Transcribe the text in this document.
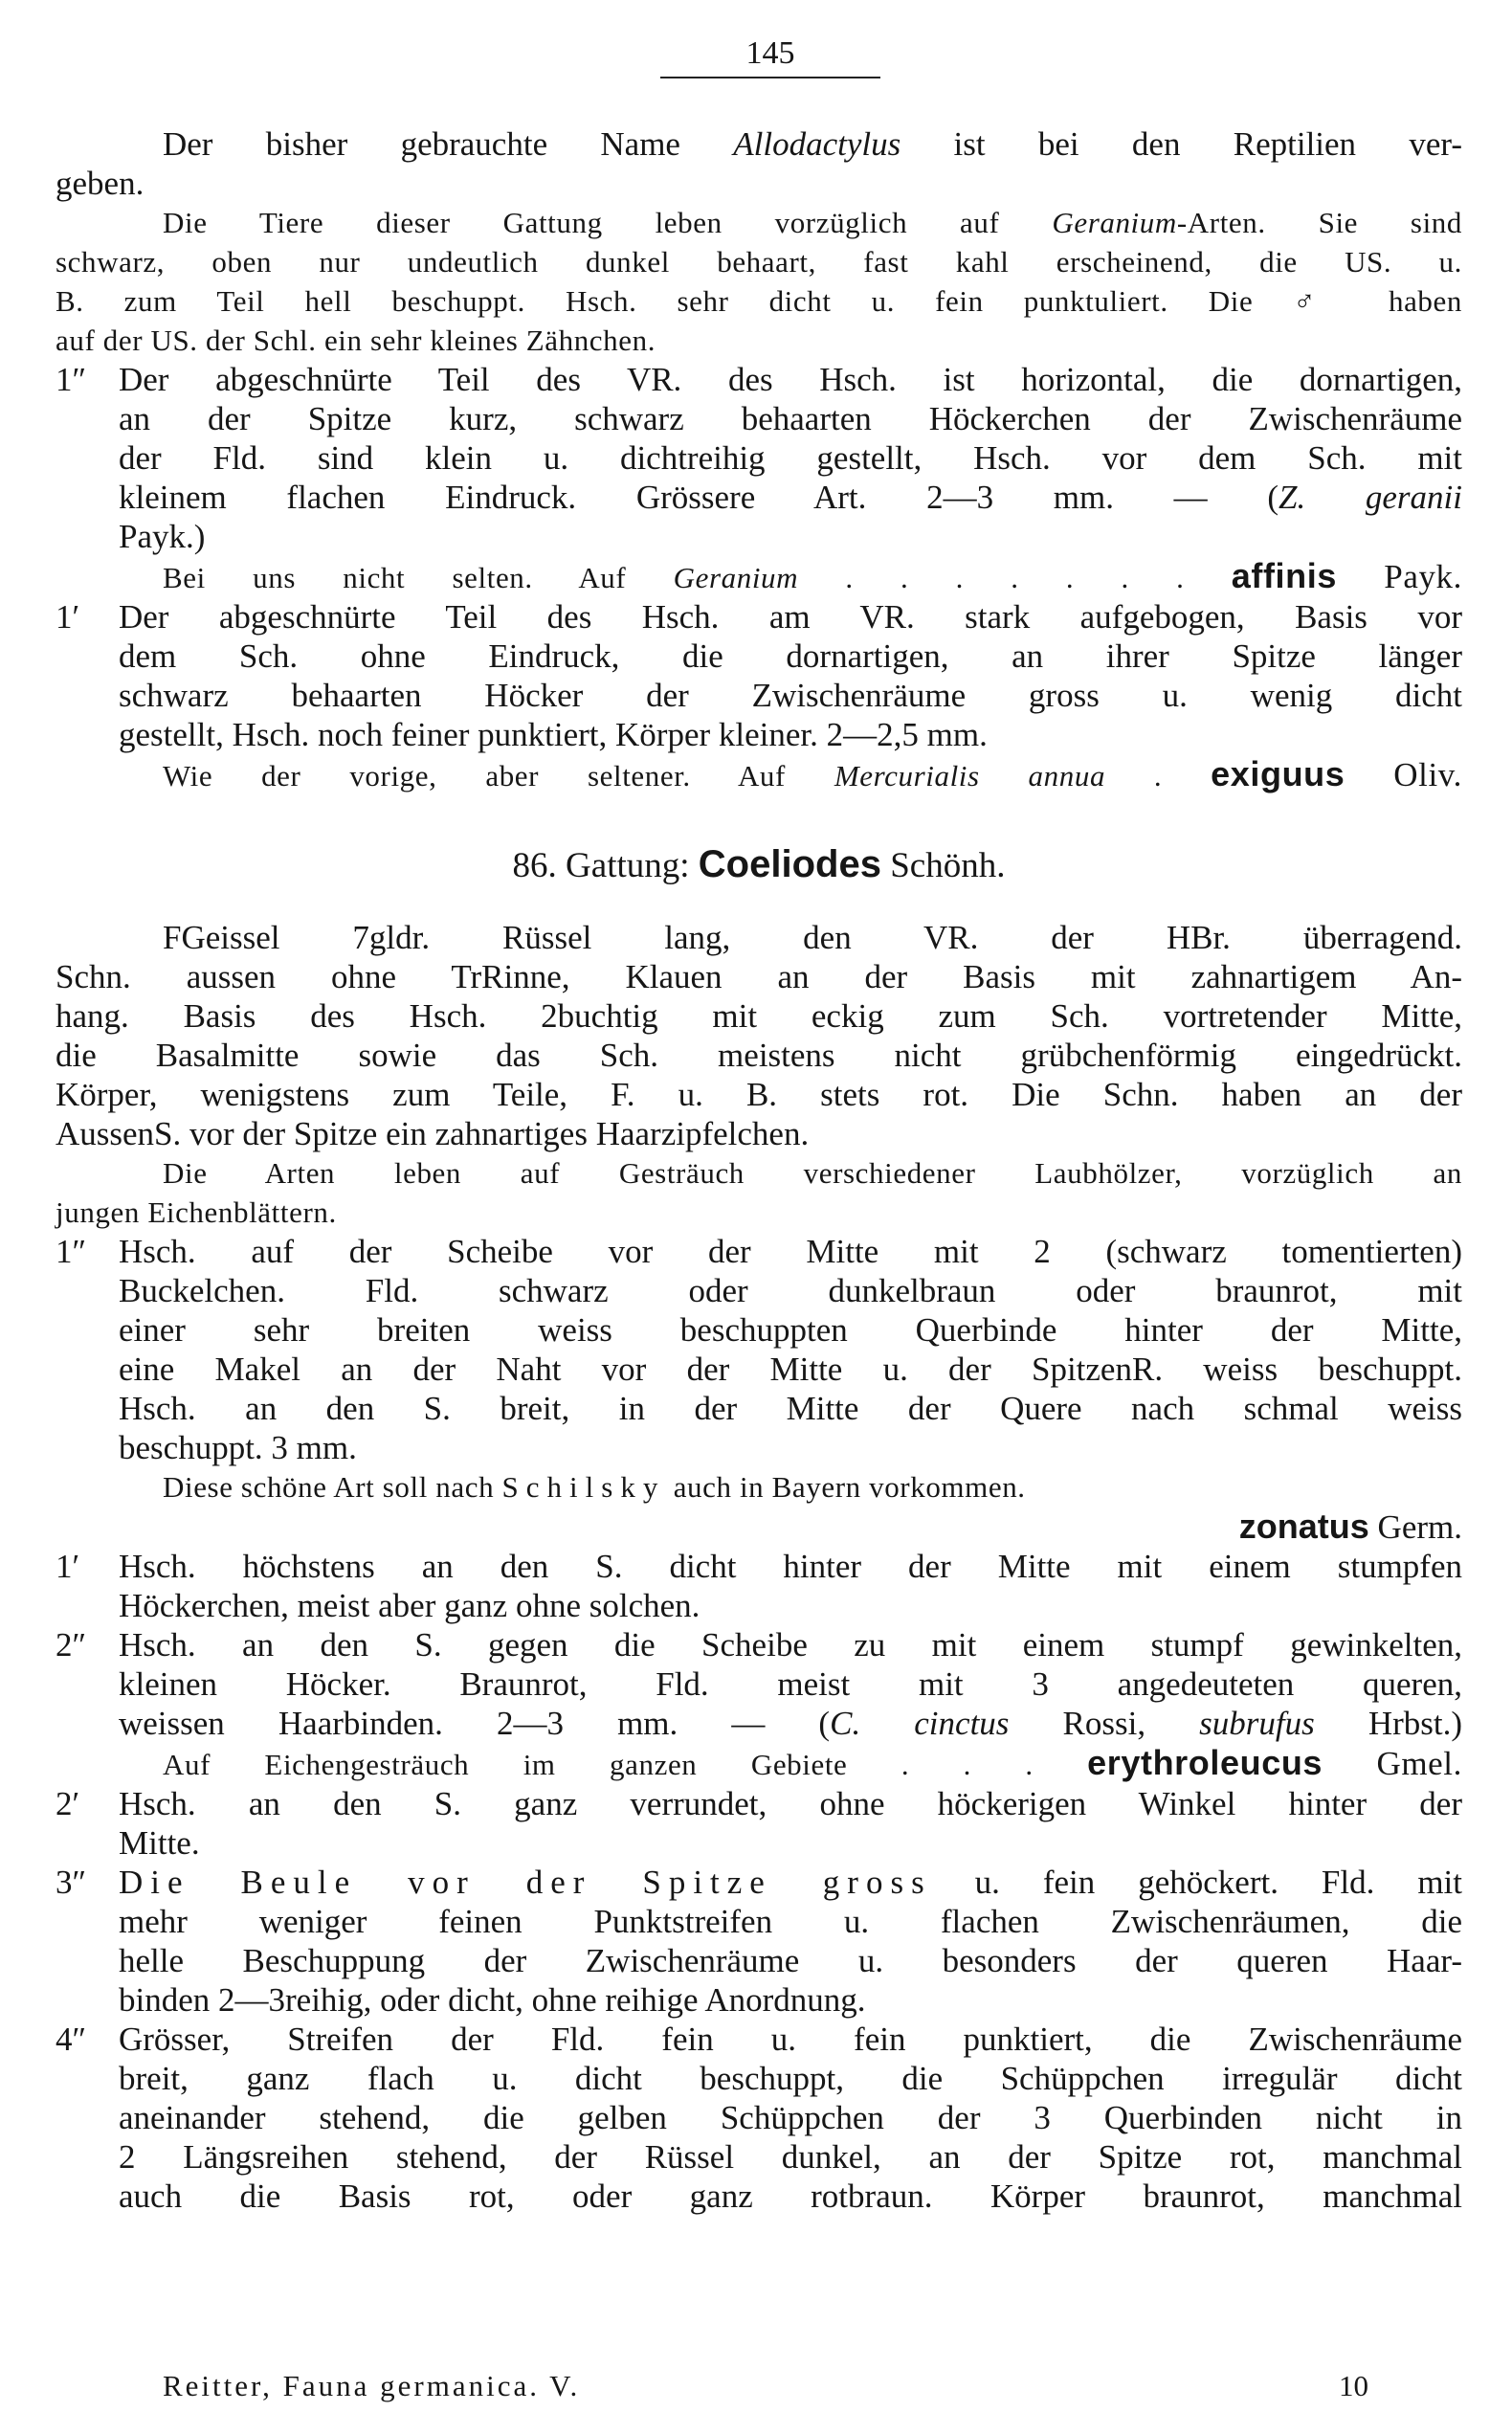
145

Der bisher gebrauchte Name Allodactylus ist bei den Reptilien ver-

geben.

Die Tiere dieser Gattung leben vorzüglich auf Geranium-Arten. Sie sind

schwarz, oben nur undeutlich dunkel behaart, fast kahl erscheinend, die US. u.

B. zum Teil hell beschuppt. Hsch. sehr dicht u. fein punktuliert. Die ♂ haben

auf der US. der Schl. ein sehr kleines Zähnchen.

1″ Der abgeschnürte Teil des VR. des Hsch. ist horizontal, die dornartigen,

an der Spitze kurz, schwarz behaarten Höckerchen der Zwischenräume

der Fld. sind klein u. dichtreihig gestellt, Hsch. vor dem Sch. mit

kleinem flachen Eindruck. Grössere Art. 2—3 mm. — (Z. geranii

Payk.)

Bei uns nicht selten. Auf Geranium . . . . . . . affinis Payk.

1′ Der abgeschnürte Teil des Hsch. am VR. stark aufgebogen, Basis vor

dem Sch. ohne Eindruck, die dornartigen, an ihrer Spitze länger

schwarz behaarten Höcker der Zwischenräume gross u. wenig dicht

gestellt, Hsch. noch feiner punktiert, Körper kleiner. 2—2,5 mm.

Wie der vorige, aber seltener. Auf Mercurialis annua . exiguus Oliv.

86. Gattung: Coeliodes Schönh.

FGeissel 7gldr. Rüssel lang, den VR. der HBr. überragend.

Schn. aussen ohne TrRinne, Klauen an der Basis mit zahnartigem An-

hang. Basis des Hsch. 2buchtig mit eckig zum Sch. vortretender Mitte,

die Basalmitte sowie das Sch. meistens nicht grübchenförmig eingedrückt.

Körper, wenigstens zum Teile, F. u. B. stets rot. Die Schn. haben an der

AussenS. vor der Spitze ein zahnartiges Haarzipfelchen.

Die Arten leben auf Gesträuch verschiedener Laubhölzer, vorzüglich an

jungen Eichenblättern.

1″ Hsch. auf der Scheibe vor der Mitte mit 2 (schwarz tomentierten)

Buckelchen. Fld. schwarz oder dunkelbraun oder braunrot, mit

einer sehr breiten weiss beschuppten Querbinde hinter der Mitte,

eine Makel an der Naht vor der Mitte u. der SpitzenR. weiss beschuppt.

Hsch. an den S. breit, in der Mitte der Quere nach schmal weiss

beschuppt. 3 mm.

Diese schöne Art soll nach Schilsky auch in Bayern vorkommen.

zonatus Germ.

1′ Hsch. höchstens an den S. dicht hinter der Mitte mit einem stumpfen

Höckerchen, meist aber ganz ohne solchen.

2″ Hsch. an den S. gegen die Scheibe zu mit einem stumpf gewinkelten,

kleinen Höcker. Braunrot, Fld. meist mit 3 angedeuteten queren,

weissen Haarbinden. 2—3 mm. — (C. cinctus Rossi, subrufus Hrbst.)

Auf Eichengesträuch im ganzen Gebiete . . . erythroleucus Gmel.

2′ Hsch. an den S. ganz verrundet, ohne höckerigen Winkel hinter der

Mitte.

3″ Die Beule vor der Spitze gross u. fein gehöckert. Fld. mit

mehr weniger feinen Punktstreifen u. flachen Zwischenräumen, die

helle Beschuppung der Zwischenräume u. besonders der queren Haar-

binden 2—3reihig, oder dicht, ohne reihige Anordnung.

4″ Grösser, Streifen der Fld. fein u. fein punktiert, die Zwischenräume

breit, ganz flach u. dicht beschuppt, die Schüppchen irregulär dicht

aneinander stehend, die gelben Schüppchen der 3 Querbinden nicht in

2 Längsreihen stehend, der Rüssel dunkel, an der Spitze rot, manchmal

auch die Basis rot, oder ganz rotbraun. Körper braunrot, manchmal

Reitter, Fauna germanica. V.	10
